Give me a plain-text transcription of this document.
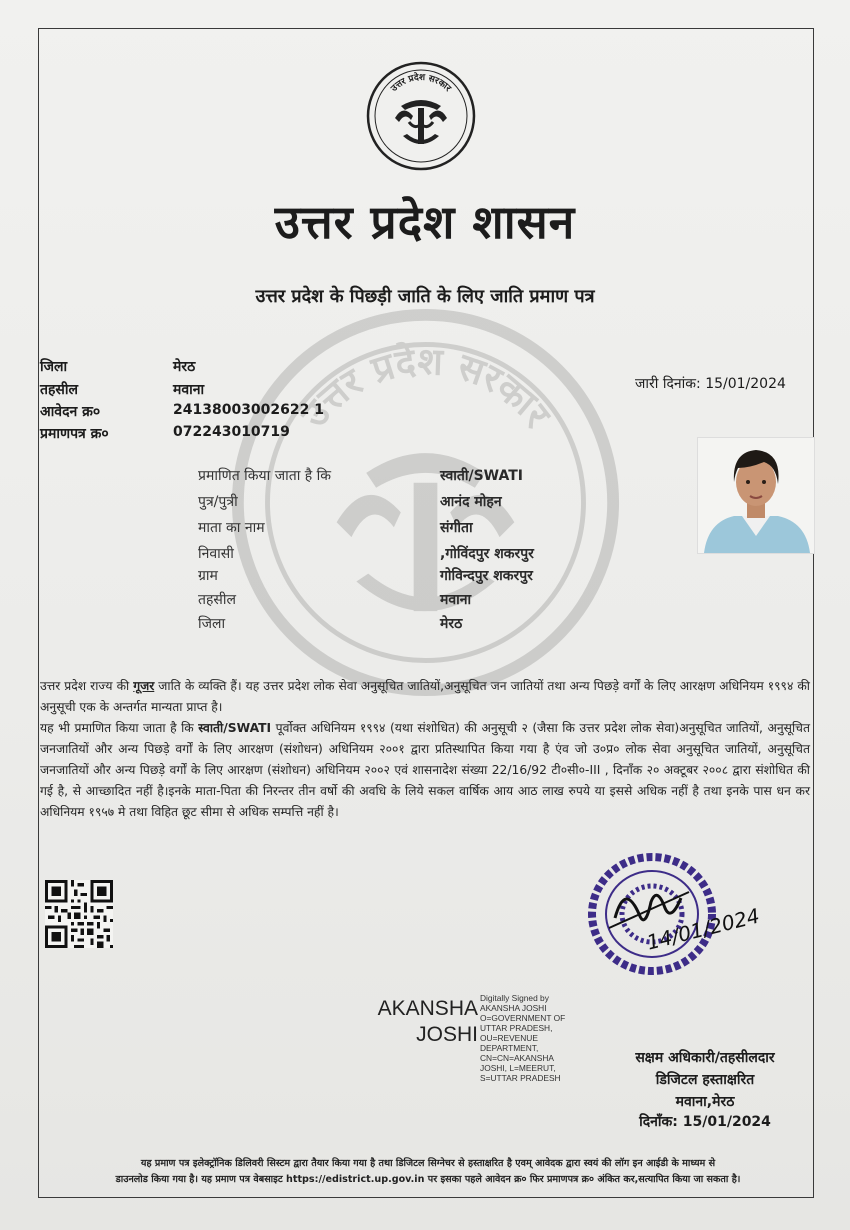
उत्तर प्रदेश सरकार
उत्तर प्रदेश सरकार
उत्तर प्रदेश शासन
उत्तर प्रदेश के पिछड़ी जाति के लिए जाति प्रमाण पत्र
जिला	मेरठ
तहसील	मवाना
आवेदन क्र०	24138003002622 1
प्रमाणपत्र क्र०	072243010719
जारी दिनांक: 15/01/2024
प्रमाणित किया जाता है कि	स्वाती/SWATI
पुत्र/पुत्री	आनंद मोहन
माता का नाम	संगीता
निवासी	,गोविंदपुर शकरपुर
ग्राम	गोविन्दपुर शकरपुर
तहसील	मवाना
जिला	मेरठ

उत्तर प्रदेश राज्य की गूजर जाति के व्यक्ति हैं। यह उत्तर प्रदेश लोक सेवा अनुसूचित जातियों,अनुसूचित जन जातियों तथा अन्य पिछड़े वर्गों के लिए आरक्षण अधिनियम १९९४ की अनुसूची एक के अन्तर्गत मान्यता प्राप्त है।

यह भी प्रमाणित किया जाता है कि स्वाती/SWATI पूर्वोक्त अधिनियम १९९४ (यथा संशोधित) की अनुसूची २ (जैसा कि उत्तर प्रदेश लोक सेवा)अनुसूचित जातियों, अनुसूचित जनजातियों और अन्य पिछड़े वर्गों के लिए आरक्षण (संशोधन) अधिनियम २००१ द्वारा प्रतिस्थापित किया गया है एंव जो उ०प्र० लोक सेवा अनुसूचित जातियों, अनुसूचित जनजातियों और अन्य पिछड़े वर्गों के लिए आरक्षण (संशोधन) अधिनियम २००२ एवं शासनादेश संख्या 22/16/92 टी०सी०-III , दिनाँक २० अक्टूबर २००८ द्वारा संशोधित की गई है, से आच्छादित नहीं है।इनके माता-पिता की निरन्तर तीन वर्षो की अवधि के लिये सकल वार्षिक आय आठ लाख रुपये या इससे अधिक नहीं है तथा इनके पास धन कर अधिनियम १९५७ मे तथा विहित छूट सीमा से अधिक सम्पत्ति नहीं है।

14/01/2024
AKANSHA
JOSHI
Digitally Signed by
AKANSHA JOSHI
O=GOVERNMENT OF
UTTAR PRADESH,
OU=REVENUE
DEPARTMENT,
CN=CN=AKANSHA
JOSHI, L=MEERUT,
S=UTTAR PRADESH
सक्षम अधिकारी/तहसीलदार
डिजिटल हस्ताक्षरित
मवाना,मेरठ
दिनाँक: 15/01/2024
यह प्रमाण पत्र इलेक्ट्रॉनिक डिलिवरी सिस्टम द्वारा तैयार किया गया है तथा डिजिटल सिग्नेचर से हस्ताक्षरित है एवम् आवेदक द्वारा स्वयं की लॉग इन आईडी के माध्यम से
डाउनलोड किया गया है। यह प्रमाण पत्र वेबसाइट https://edistrict.up.gov.in पर इसका पहले आवेदन क्र० फिर प्रमाणपत्र क्र० अंकित कर,सत्यापित किया जा सकता है।
